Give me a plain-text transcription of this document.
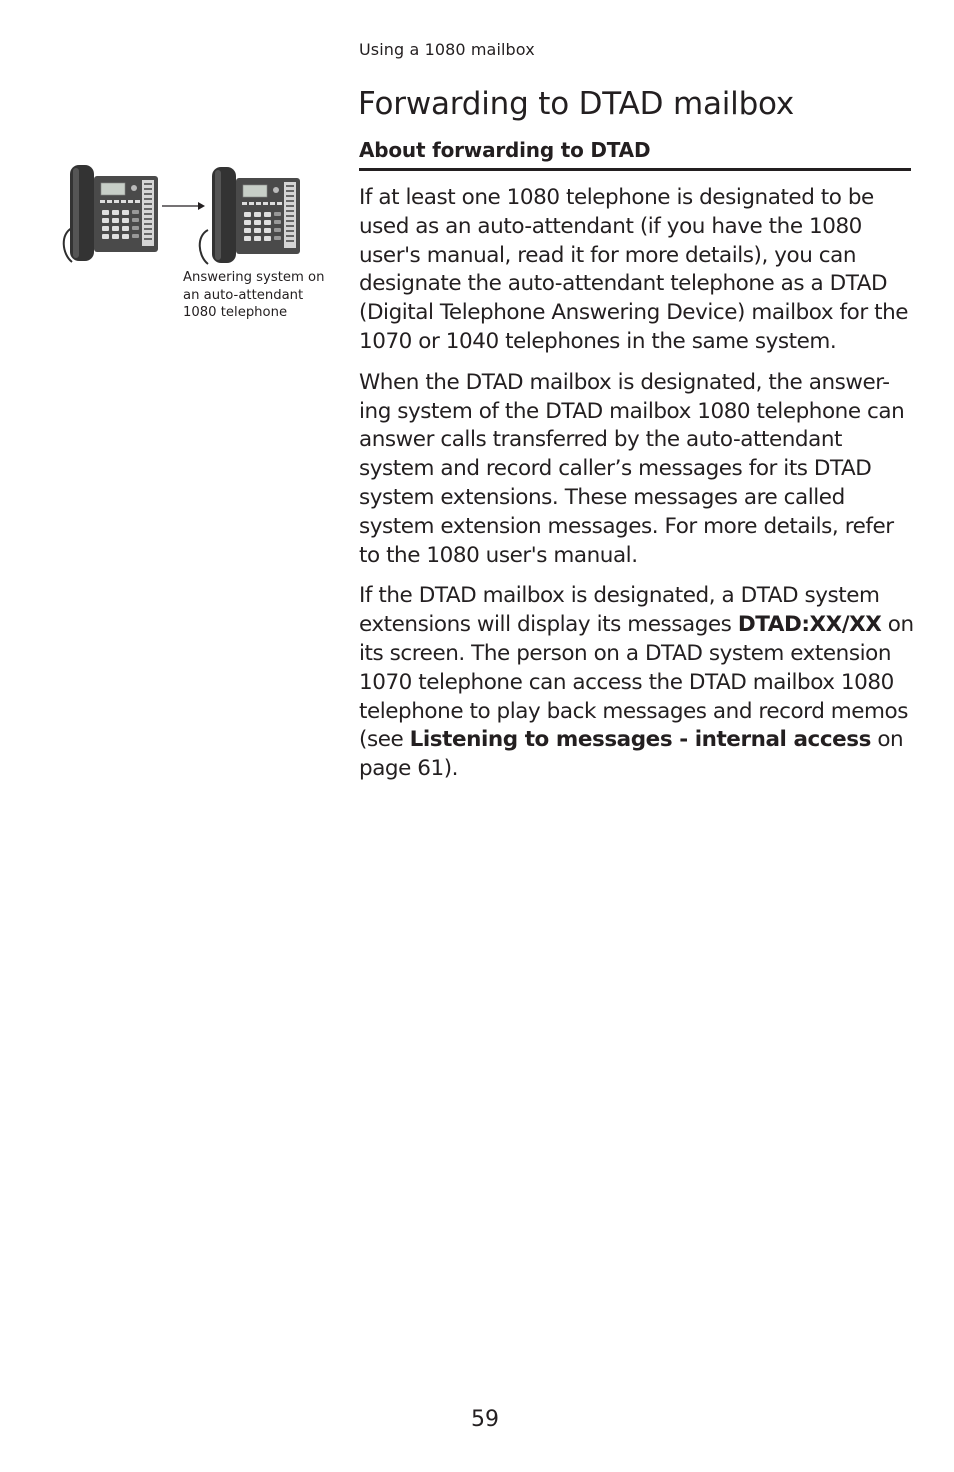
Using a 1080 mailbox
Forwarding to DTAD mailbox
About forwarding to DTAD
Answering system on
an auto-attendant
1080 telephone

If at least one 1080 telephone is designated to be used as an auto-attendant (if you have the 1080 user's manual, read it for more details), you can designate the auto-attendant telephone as a DTAD (Digital Telephone Answering Device) mailbox for the 1070 or 1040 telephones in the same system.

When the DTAD mailbox is designated, the answer-ing system of the DTAD mailbox 1080 telephone can answer calls transferred by the auto-attendant system and record caller’s messages for its DTAD system extensions. These messages are called system extension messages. For more details, refer to the 1080 user's manual.

If the DTAD mailbox is designated, a DTAD system extensions will display its messages DTAD:XX/XX on its screen. The person on a DTAD system extension 1070 telephone can access the DTAD mailbox 1080 telephone to play back messages and record memos (see Listening to messages - internal access on page 61).

59
